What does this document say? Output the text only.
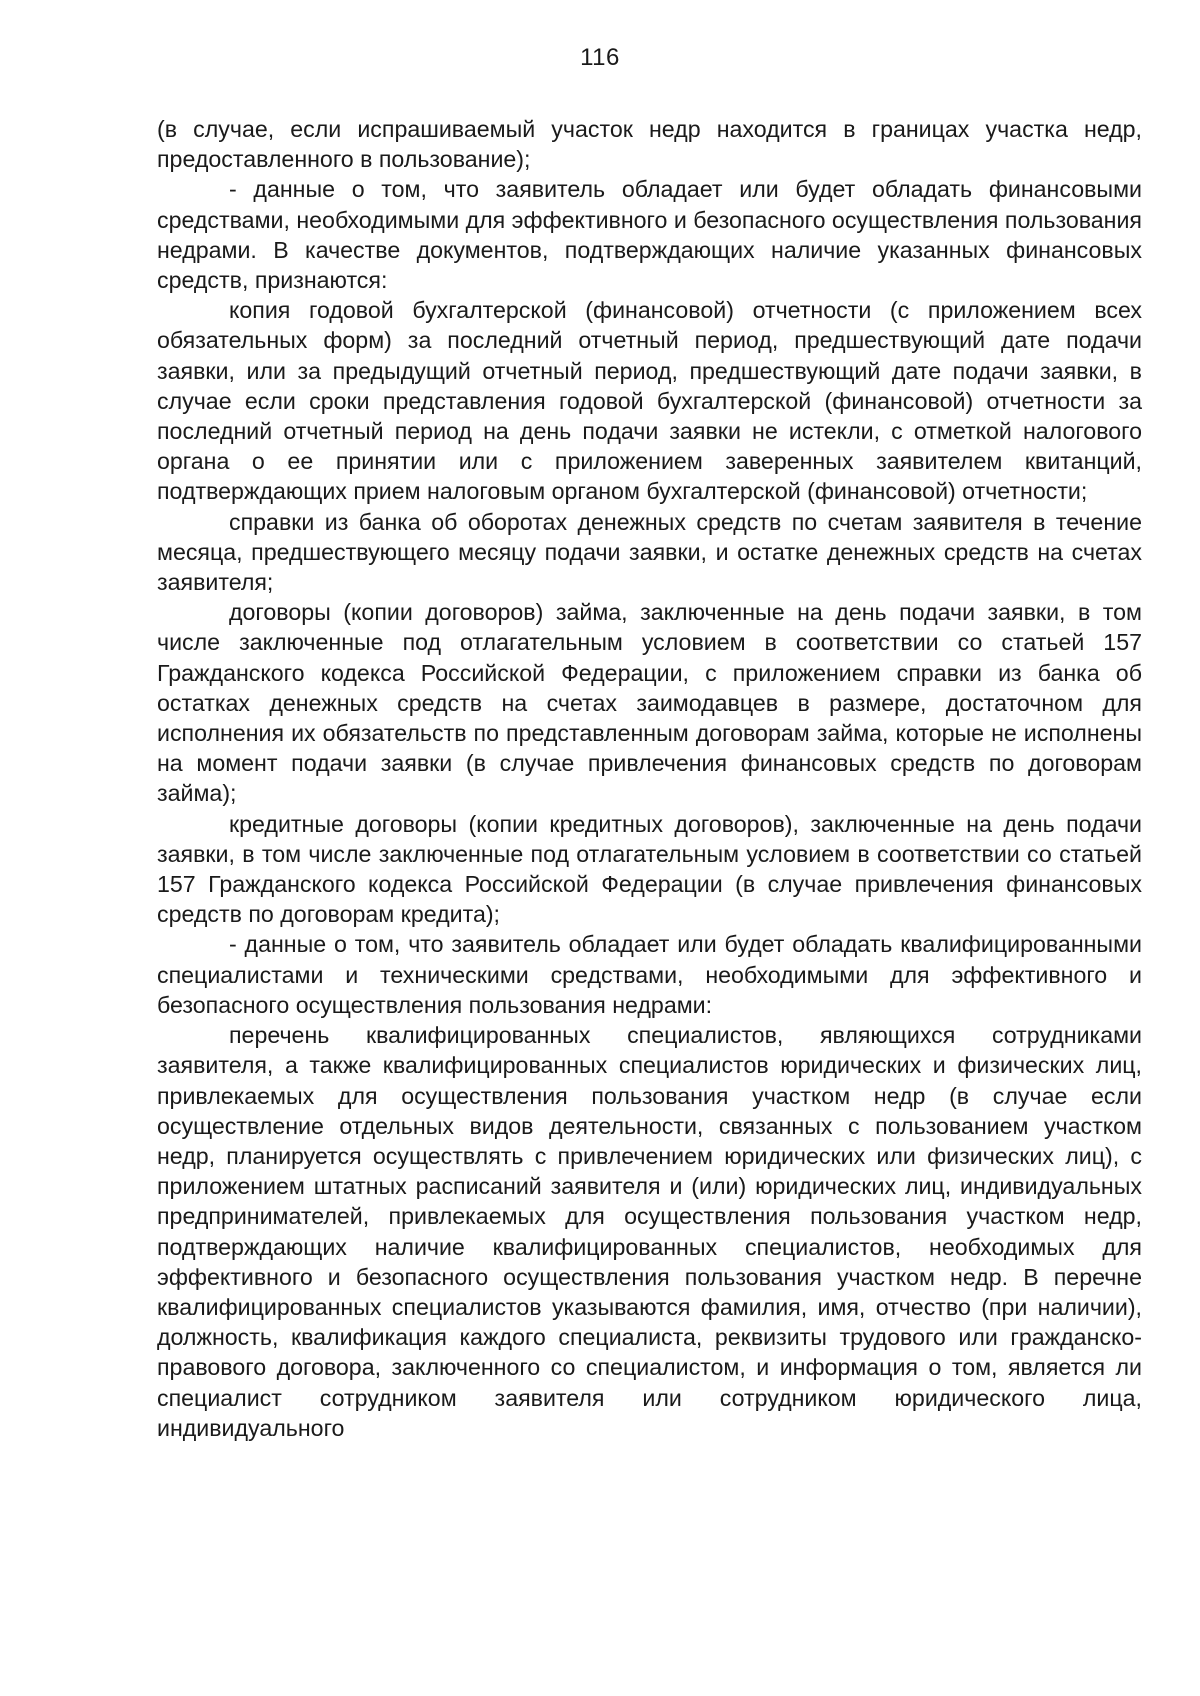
116

(в случае, если испрашиваемый участок недр находится в границах участка недр, предоставленного в пользование);

- данные о том, что заявитель обладает или будет обладать финансовыми средствами, необходимыми для эффективного и безопасного осуществления пользования недрами. В качестве документов, подтверждающих наличие указанных финансовых средств, признаются:

копия годовой бухгалтерской (финансовой) отчетности (с приложением всех обязательных форм) за последний отчетный период, предшествующий дате подачи заявки, или за предыдущий отчетный период, предшествующий дате подачи заявки, в случае если сроки представления годовой бухгалтерской (финансовой) отчетности за последний отчетный период на день подачи заявки не истекли, с отметкой налогового органа о ее принятии или с приложением заверенных заявителем квитанций, подтверждающих прием налоговым органом бухгалтерской (финансовой) отчетности;

справки из банка об оборотах денежных средств по счетам заявителя в течение месяца, предшествующего месяцу подачи заявки, и остатке денежных средств на счетах заявителя;

договоры (копии договоров) займа, заключенные на день подачи заявки, в том числе заключенные под отлагательным условием в соответствии со статьей 157 Гражданского кодекса Российской Федерации, с приложением справки из банка об остатках денежных средств на счетах заимодавцев в размере, достаточном для исполнения их обязательств по представленным договорам займа, которые не исполнены на момент подачи заявки (в случае привлечения финансовых средств по договорам займа);

кредитные договоры (копии кредитных договоров), заключенные на день подачи заявки, в том числе заключенные под отлагательным условием в соответствии со статьей 157 Гражданского кодекса Российской Федерации (в случае привлечения финансовых средств по договорам кредита);

- данные о том, что заявитель обладает или будет обладать квалифицированными специалистами и техническими средствами, необходимыми для эффективного и безопасного осуществления пользования недрами:

перечень квалифицированных специалистов, являющихся сотрудниками заявителя, а также квалифицированных специалистов юридических и физических лиц, привлекаемых для осуществления пользования участком недр (в случае если осуществление отдельных видов деятельности, связанных с пользованием участком недр, планируется осуществлять с привлечением юридических или физических лиц), с приложением штатных расписаний заявителя и (или) юридических лиц, индивидуальных предпринимателей, привлекаемых для осуществления пользования участком недр, подтверждающих наличие квалифицированных специалистов, необходимых для эффективного и безопасного осуществления пользования участком недр. В перечне квалифицированных специалистов указываются фамилия, имя, отчество (при наличии), должность, квалификация каждого специалиста, реквизиты трудового или гражданско-правового договора, заключенного со специалистом, и информация о том, является ли специалист сотрудником заявителя или сотрудником юридического лица, индивидуального
